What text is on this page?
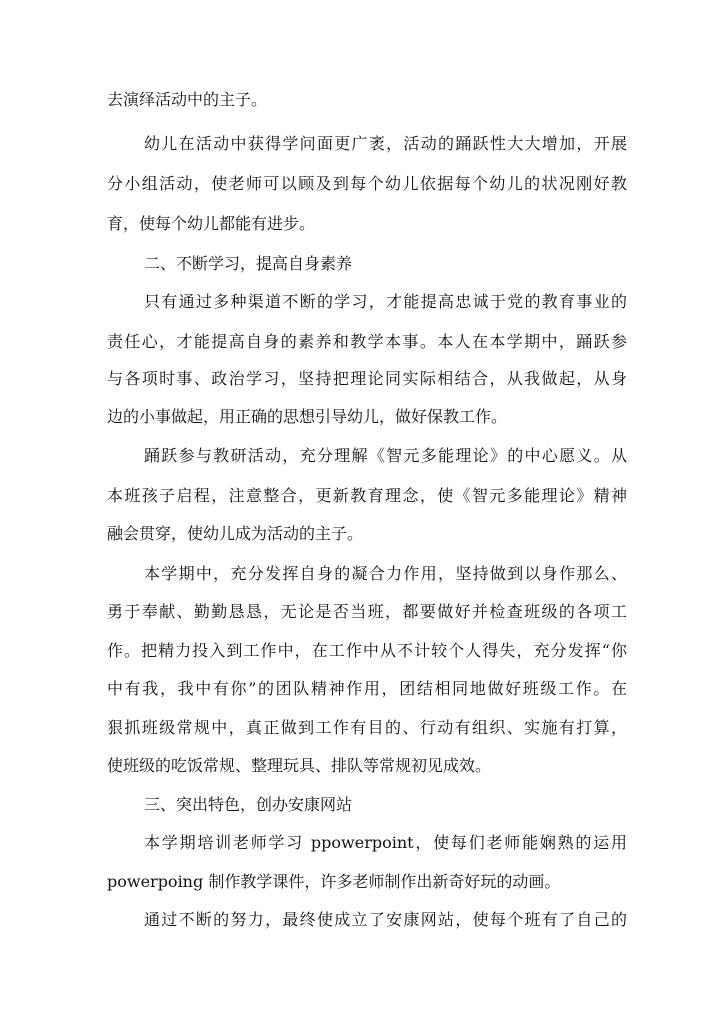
去演绎活动中的主子。
幼儿在活动中获得学问面更广袤，活动的踊跃性大大增加，开展
分小组活动，使老师可以顾及到每个幼儿依据每个幼儿的状况刚好教
育，使每个幼儿都能有进步。
二、不断学习，提高自身素养
只有通过多种渠道不断的学习，才能提高忠诚于党的教育事业的
责任心，才能提高自身的素养和教学本事。本人在本学期中，踊跃参
与各项时事、政治学习，坚持把理论同实际相结合，从我做起，从身
边的小事做起，用正确的思想引导幼儿，做好保教工作。
踊跃参与教研活动，充分理解《智元多能理论》的中心愿义。从
本班孩子启程，注意整合，更新教育理念，使《智元多能理论》精神
融会贯穿，使幼儿成为活动的主子。
本学期中，充分发挥自身的凝合力作用，坚持做到以身作那么、
勇于奉献、勤勤恳恳，无论是否当班，都要做好并检查班级的各项工
作。把精力投入到工作中，在工作中从不计较个人得失，充分发挥“你
中有我，我中有你”的团队精神作用，团结相同地做好班级工作。在
狠抓班级常规中，真正做到工作有目的、行动有组织、实施有打算，
使班级的吃饭常规、整理玩具、排队等常规初见成效。
三、突出特色，创办安康网站
本学期培训老师学习 ppowerpoint，使每们老师能娴熟的运用
powerpoing 制作教学课件，许多老师制作出新奇好玩的动画。
通过不断的努力，最终使成立了安康网站，使每个班有了自己的
